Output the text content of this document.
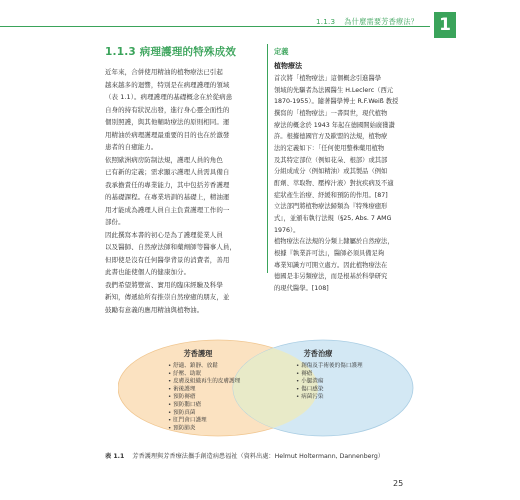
1.1.3 為什麼需要芳香療法？	1
1.1.3 病理護理的特殊成效

近年來，合併使用精油的植物療法已引起
越來越多的迴響，特別是在病理護理的領域
（表 1.1）。病理護理的基礎概念在於從病患
自身的持有狀況出發，進行身心靈全面性的
個別照護，與其他輔助療法的原則相同。運
用精油於病理護理最重要的目的也在於激發
患者的自癒能力。

依照歐洲病房防制法規，護理人員的角色
已有新的定義；需求顯示護理人員需具備自
我承擔責任的專業能力，其中包括芳香護理
的基礎課程。在專業培訓的基礎上，精油運
用才能成為護理人員自主負責護理工作的一
部份。

因此撰寫本書的初心是為了護理從業人員
以及醫師、自然療法師和藥劑師等醫事人員，
但即使是沒有任何醫學背景的消費者，善用
此書也能使個人的健康加分。

我們希望將豐富、實用的臨床經驗及科學
新知，傳遞給所有推崇自然療癒的朋友，並
鼓勵有意義的應用精油與植物油。

定義
植物療法
首次將「植物療法」這個概念引進醫學
領域的先驅者為法國醫生 H.Leclerc（西元
1870-1955）。隨著醫學博士 R.F.Weiß 教授
撰寫的「植物療法」一書問世，現代植物
療法的概念於 1943 年起在德國開始廣獲讚
許。根據德國官方及歐盟的法規，植物療
法的定義如下：「任何使用整株藥用植物
及其特定部位（例如花朵、根部）或其部
分組成成分（例如精油）或其製品（例如
酊劑、萃取物、壓榨汁液）對抗疾病及不適
症狀產生治療、紓緩和預防的作用。[87]
立法部門將植物療法歸類為『特殊療癒形
式』，並頒布執行法規（§25, Abs. 7 AMG
1976）。
植物療法在法規的分類上隸屬於自然療法，
根據『執業許可法』，醫師必須具備足夠
專業知識方可開立處方。因此植物療法在
德國是非另類療法，而是根基於科學研究
的現代醫學。[108]
芳香護理	芳香治療
• 舒適、鎮靜、放鬆
• 紓壓、助眠
• 皮膚及組織再生的皮膚護理
• 術後護理
• 預防褥瘡
• 預防鵝口瘡
• 預防真菌
• 肛門會口護理
• 預防肺炎
• 創傷及手術後的傷口護理
• 褥瘡
• 小腿潰瘍
• 傷口感染
• 病菌污染
表 1.1 芳香護理與芳香療法攜手創造病患福祉（資料出處：Helmut Holtermann, Dannenberg）
25
